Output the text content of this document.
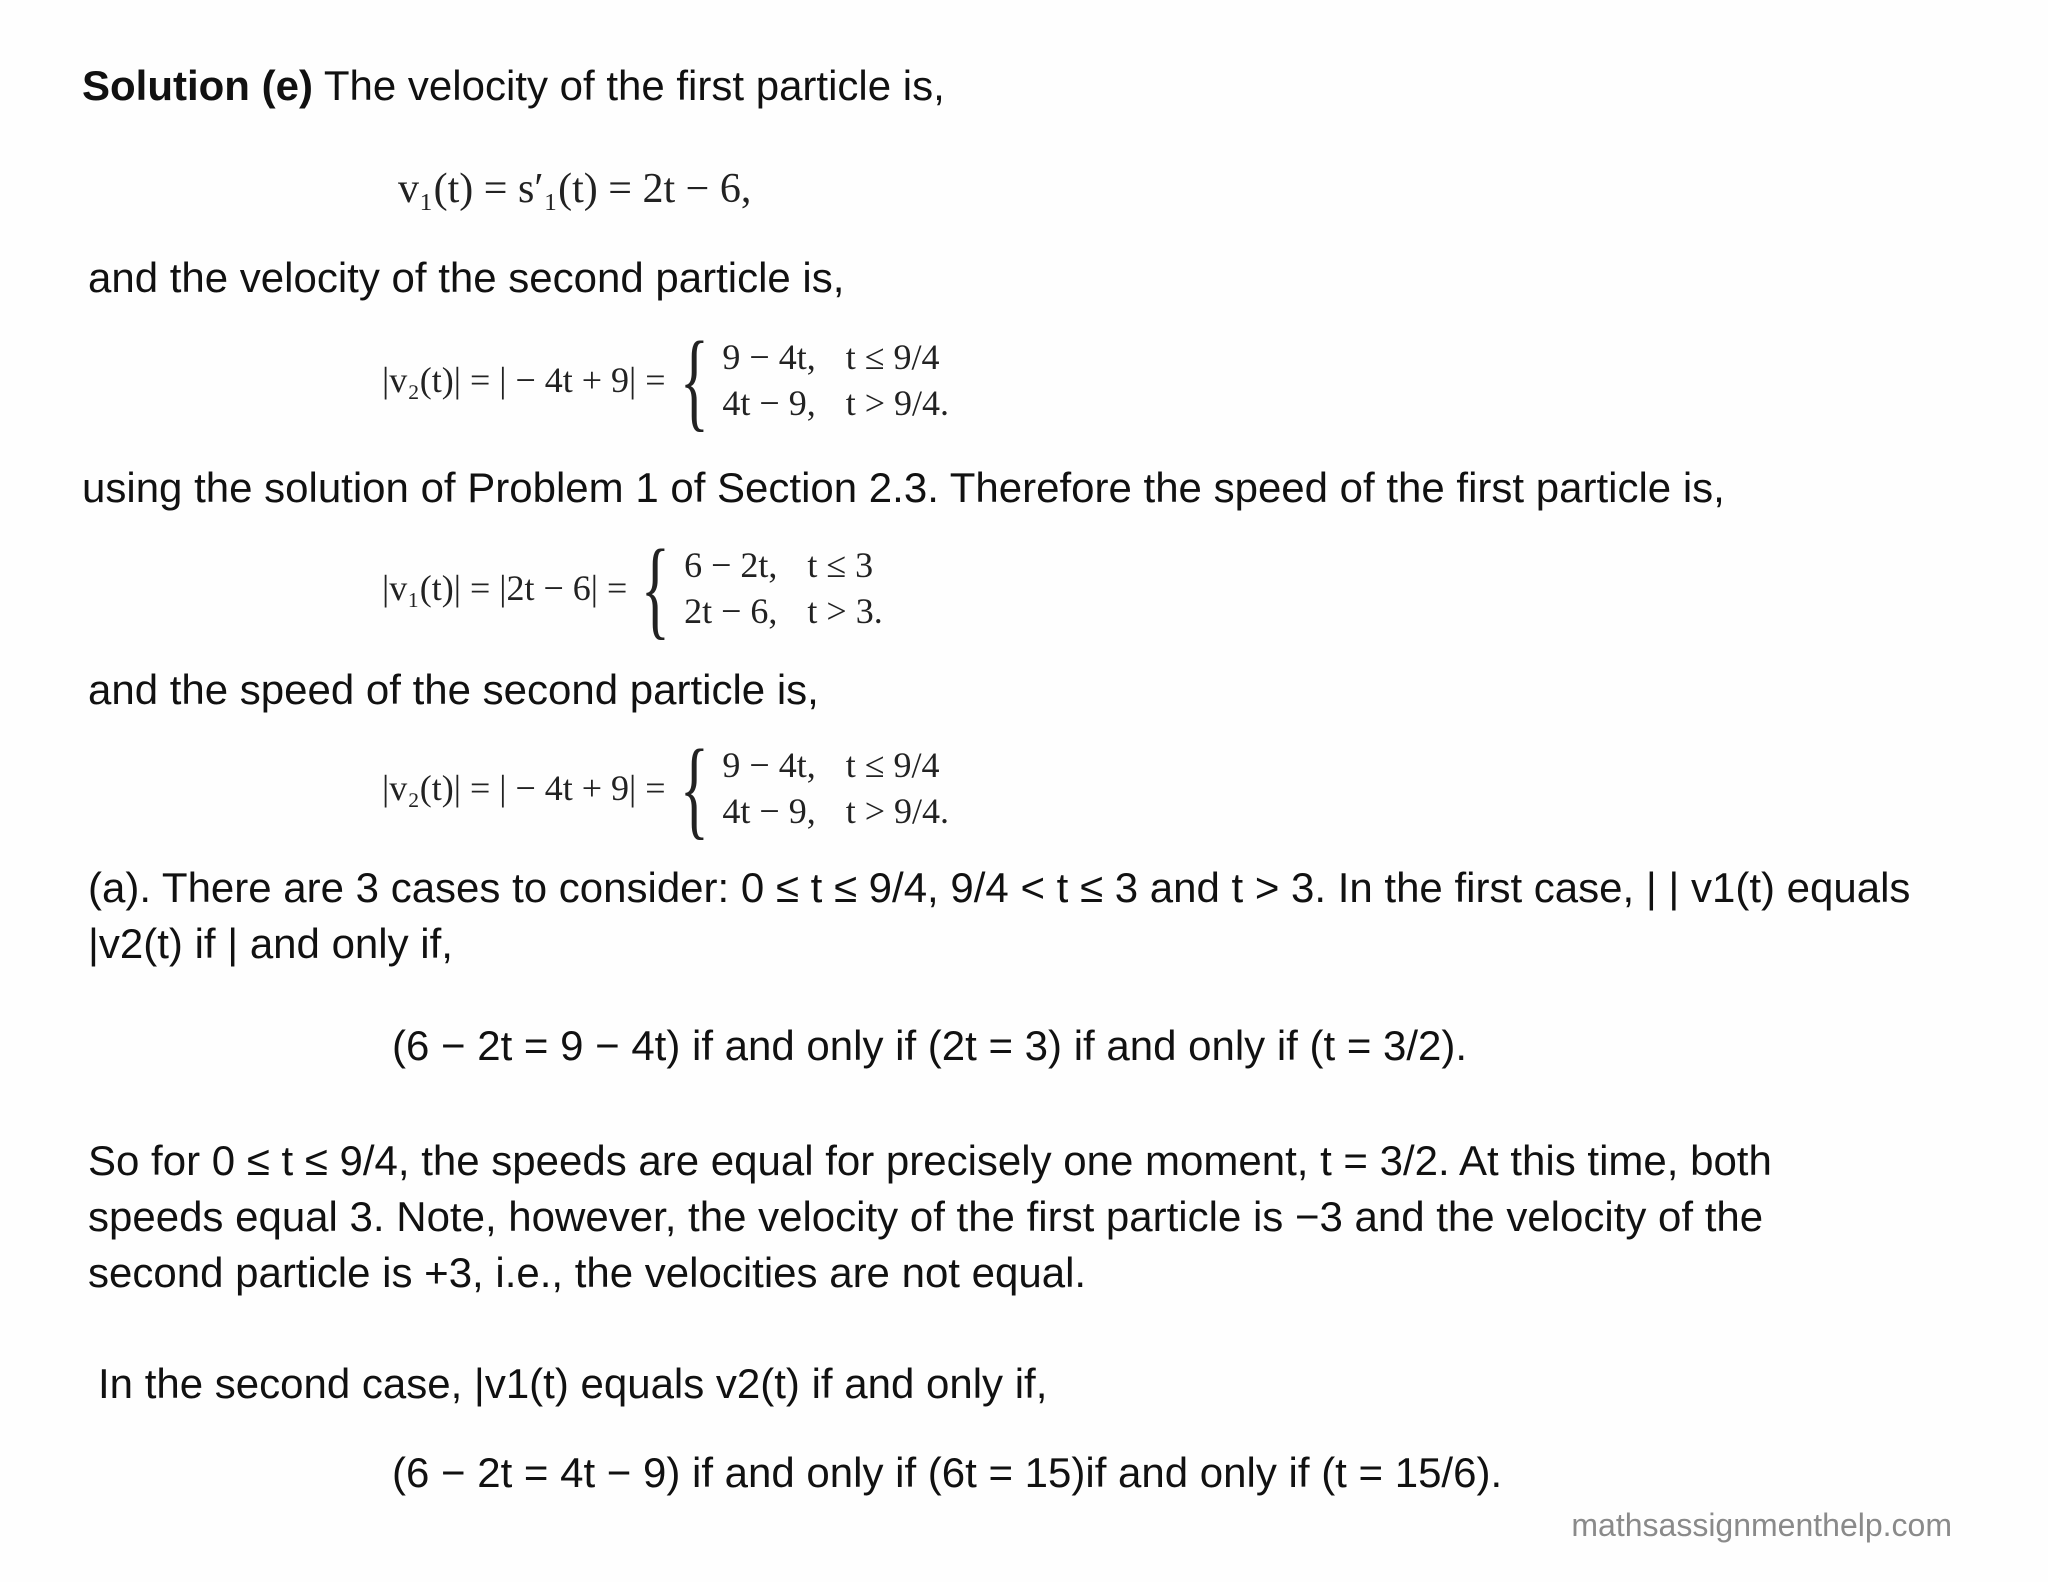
Solution (e) The velocity of the first particle is,
v₁(t) = s′₁(t) = 2t − 6,
and the velocity of the second particle is,
|v₂(t)| = | − 4t + 9| = { 9 − 4t, t ≤ 9/4
4t − 9, t > 9/4.
using the solution of Problem 1 of Section 2.3. Therefore the speed of the first particle is,
|v₁(t)| = |2t − 6| = { 6 − 2t, t ≤ 3
2t − 6, t > 3.
and the speed of the second particle is,
|v₂(t)| = | − 4t + 9| = { 9 − 4t, t ≤ 9/4
4t − 9, t > 9/4.
(a). There are 3 cases to consider: 0 ≤ t ≤ 9/4, 9/4 < t ≤ 3 and t > 3. In the first case, | | v1(t) equals
|v2(t) if | and only if,
(6 − 2t = 9 − 4t) if and only if (2t = 3) if and only if (t = 3/2).
So for 0 ≤ t ≤ 9/4, the speeds are equal for precisely one moment, t = 3/2. At this time, both
speeds equal 3. Note, however, the velocity of the first particle is −3 and the velocity of the
second particle is +3, i.e., the velocities are not equal.
In the second case, |v1(t) equals v2(t) if and only if,
(6 − 2t = 4t − 9) if and only if (6t = 15)if and only if (t = 15/6).
mathsassignmenthelp.com
